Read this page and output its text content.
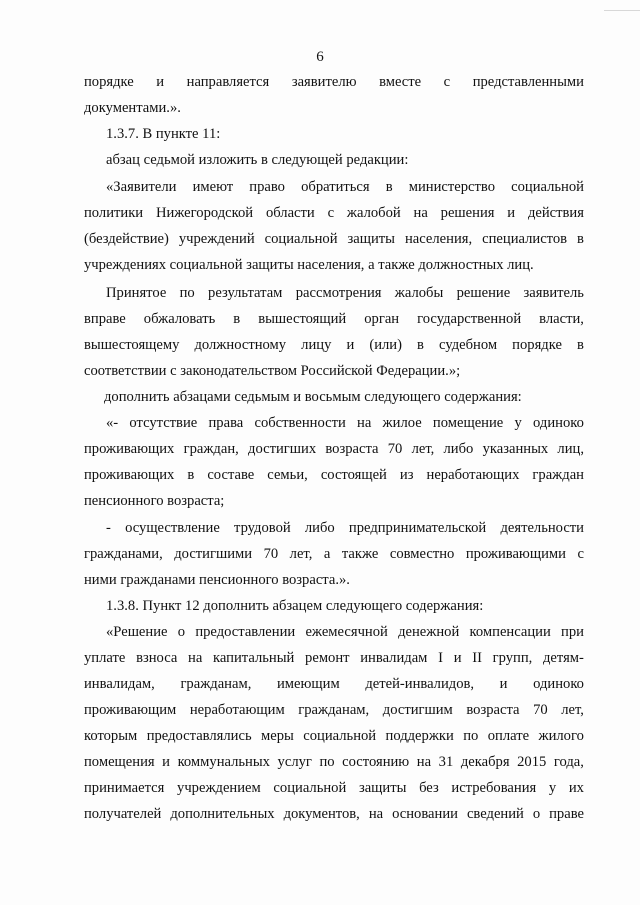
6
порядке и направляется заявителю вместе с представленными
документами.».
1.3.7. В пункте 11:
абзац седьмой изложить в следующей редакции:
«Заявители имеют право обратиться в министерство социальной
политики Нижегородской области с жалобой на решения и действия
(бездействие) учреждений социальной защиты населения, специалистов в
учреждениях социальной защиты населения, а также должностных лиц.
Принятое по результатам рассмотрения жалобы решение заявитель
вправе обжаловать в вышестоящий орган государственной власти,
вышестоящему должностному лицу и (или) в судебном порядке в
соответствии с законодательством Российской Федерации.»;
дополнить абзацами седьмым и восьмым следующего содержания:
«- отсутствие права собственности на жилое помещение у одиноко
проживающих граждан, достигших возраста 70 лет, либо указанных лиц,
проживающих в составе семьи, состоящей из неработающих граждан
пенсионного возраста;
- осуществление трудовой либо предпринимательской деятельности
гражданами, достигшими 70 лет, а также совместно проживающими с
ними гражданами пенсионного возраста.».
1.3.8. Пункт 12 дополнить абзацем следующего содержания:
«Решение о предоставлении ежемесячной денежной компенсации при
уплате взноса на капитальный ремонт инвалидам I и II групп, детям-
инвалидам, гражданам, имеющим детей-инвалидов, и одиноко
проживающим неработающим гражданам, достигшим возраста 70 лет,
которым предоставлялись меры социальной поддержки по оплате жилого
помещения и коммунальных услуг по состоянию на 31 декабря 2015 года,
принимается учреждением социальной защиты без истребования у их
получателей дополнительных документов, на основании сведений о праве
